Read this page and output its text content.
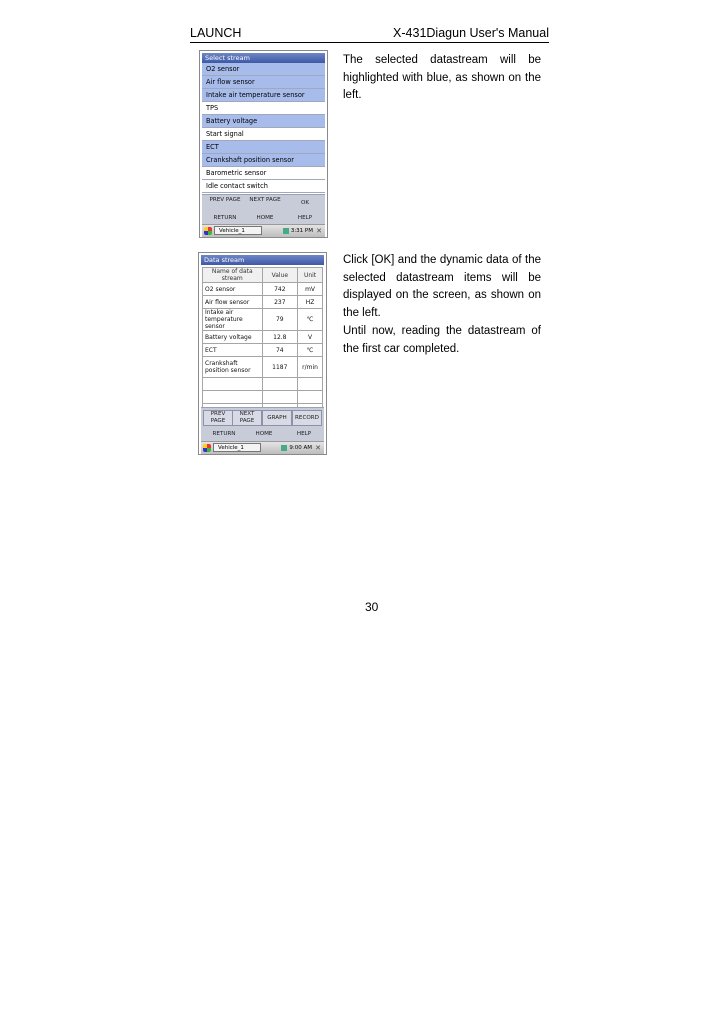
LAUNCH	X-431Diagun User's Manual
Select stream
O2 sensor
Air flow sensor
Intake air temperature sensor
TPS
Battery voltage
Start signal
ECT
Crankshaft position sensor
Barometric sensor
Idle contact switch
PREV PAGE NEXT PAGE	OK
RETURN	HOME	HELP
Vehicle_1	3:31 PM ✕
Data stream
Name of data stream	Value	Unit
O2 sensor	742	mV
Air flow sensor	237	HZ
Intake air temperature sensor	79	℃
Battery voltage	12.8	V
ECT	74	℃
Crankshaft position sensor	1187	r/min

PREV PAGE
NEXT PAGE	GRAPH	RECORD
RETURN	HOME	HELP
Vehicle_1	9:00 AM ✕

The selected datastream will be highlighted with blue, as shown on the left.

Click [OK] and the dynamic data of the selected datastream items will be displayed on the screen, as shown on the left.

Until now, reading the datastream of the first car completed.

30
